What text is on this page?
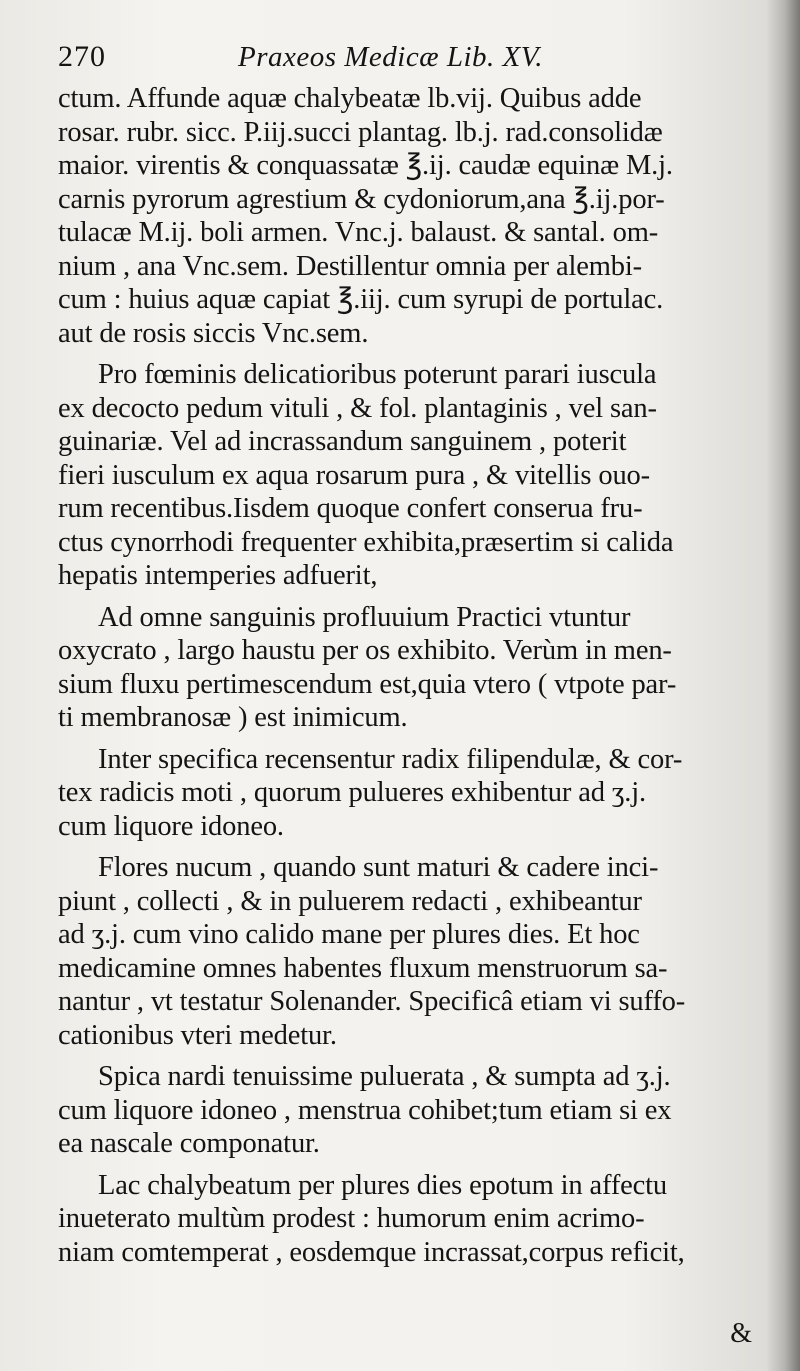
270	Praxeos Medicæ Lib. XV.
ctum. Affunde aquæ chalybeatæ lb.vij. Quibus adde
rosar. rubr. sicc. P.iij.succi plantag. lb.j. rad.consolidæ
maior. virentis & conquassatæ ℥.ij. caudæ equinæ M.j.
carnis pyrorum agrestium & cydoniorum,ana ℥.ij.por-
tulacæ M.ij. boli armen. Vnc.j. balaust. & santal. om-
nium , ana Vnc.sem. Destillentur omnia per alembi-
cum : huius aquæ capiat ℥.iij. cum syrupi de portulac.
aut de rosis siccis Vnc.sem.
Pro fœminis delicatioribus poterunt parari iuscula
ex decocto pedum vituli , & fol. plantaginis , vel san-
guinariæ. Vel ad incrassandum sanguinem , poterit
fieri iusculum ex aqua rosarum pura , & vitellis ouo-
rum recentibus.Iisdem quoque confert conserua fru-
ctus cynorrhodi frequenter exhibita,præsertim si calida
hepatis intemperies adfuerit,
Ad omne sanguinis profluuium Practici vtuntur
oxycrato , largo haustu per os exhibito. Verùm in men-
sium fluxu pertimescendum est,quia vtero ( vtpote par-
ti membranosæ ) est inimicum.
Inter specifica recensentur radix filipendulæ, & cor-
tex radicis moti , quorum pulueres exhibentur ad ʒ.j.
cum liquore idoneo.
Flores nucum , quando sunt maturi & cadere inci-
piunt , collecti , & in puluerem redacti , exhibeantur
ad ʒ.j. cum vino calido mane per plures dies. Et hoc
medicamine omnes habentes fluxum menstruorum sa-
nantur , vt testatur Solenander. Specificâ etiam vi suffo-
cationibus vteri medetur.
Spica nardi tenuissime puluerata , & sumpta ad ʒ.j.
cum liquore idoneo , menstrua cohibet;tum etiam si ex
ea nascale componatur.
Lac chalybeatum per plures dies epotum in affectu
inueterato multùm prodest : humorum enim acrimo-
niam comtemperat , eosdemque incrassat,corpus reficit,
&
